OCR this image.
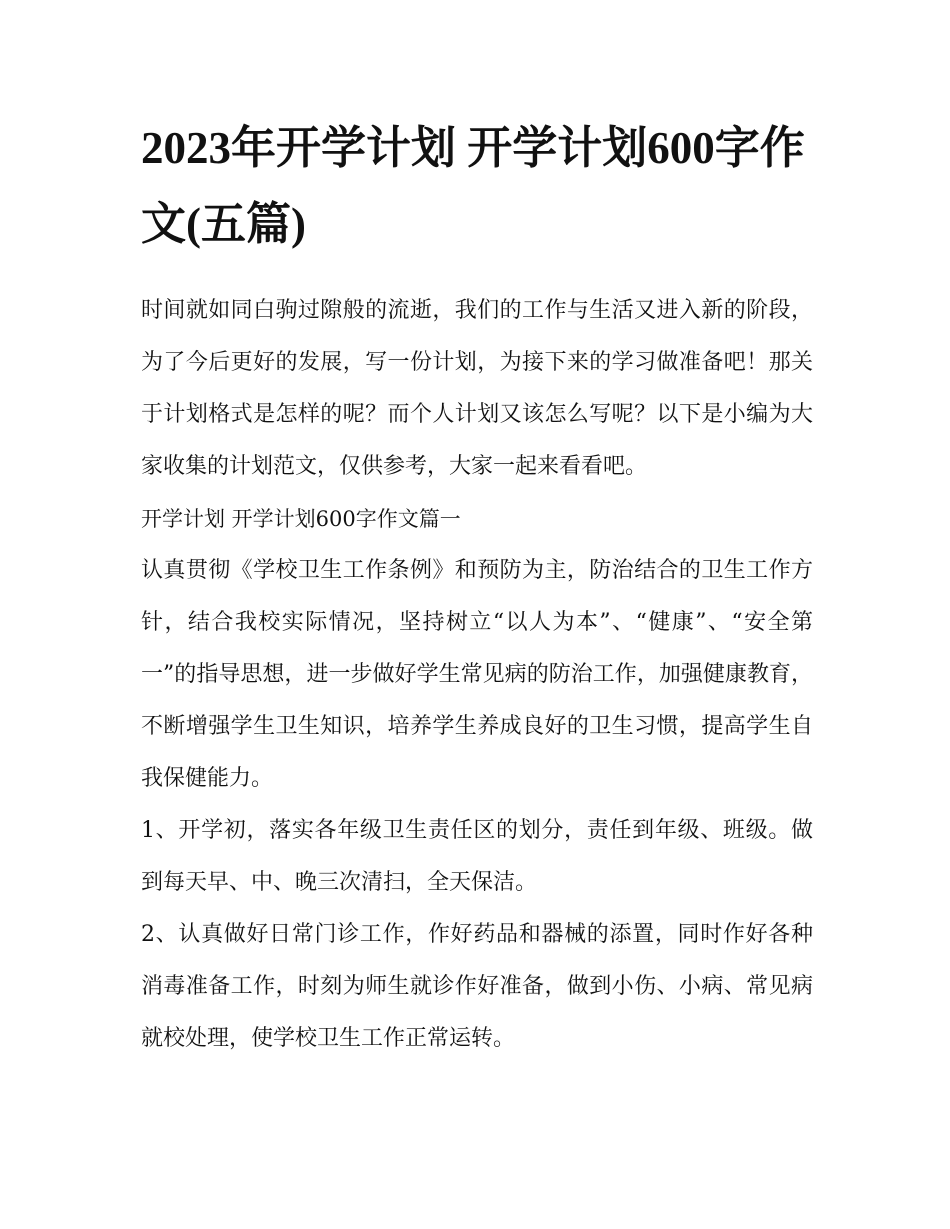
2023年开学计划 开学计划600字作文(五篇)

时间就如同白驹过隙般的流逝，我们的工作与生活又进入新的阶段，为了今后更好的发展，写一份计划，为接下来的学习做准备吧！那关于计划格式是怎样的呢？而个人计划又该怎么写呢？以下是小编为大家收集的计划范文，仅供参考，大家一起来看看吧。

开学计划 开学计划600字作文篇一

认真贯彻《学校卫生工作条例》和预防为主，防治结合的卫生工作方针，结合我校实际情况，坚持树立“以人为本”、“健康”、“安全第一”的指导思想，进一步做好学生常见病的防治工作，加强健康教育，不断增强学生卫生知识，培养学生养成良好的卫生习惯，提高学生自我保健能力。

1、开学初，落实各年级卫生责任区的划分，责任到年级、班级。做到每天早、中、晚三次清扫，全天保洁。

2、认真做好日常门诊工作，作好药品和器械的添置，同时作好各种消毒准备工作，时刻为师生就诊作好准备，做到小伤、小病、常见病就校处理，使学校卫生工作正常运转。
